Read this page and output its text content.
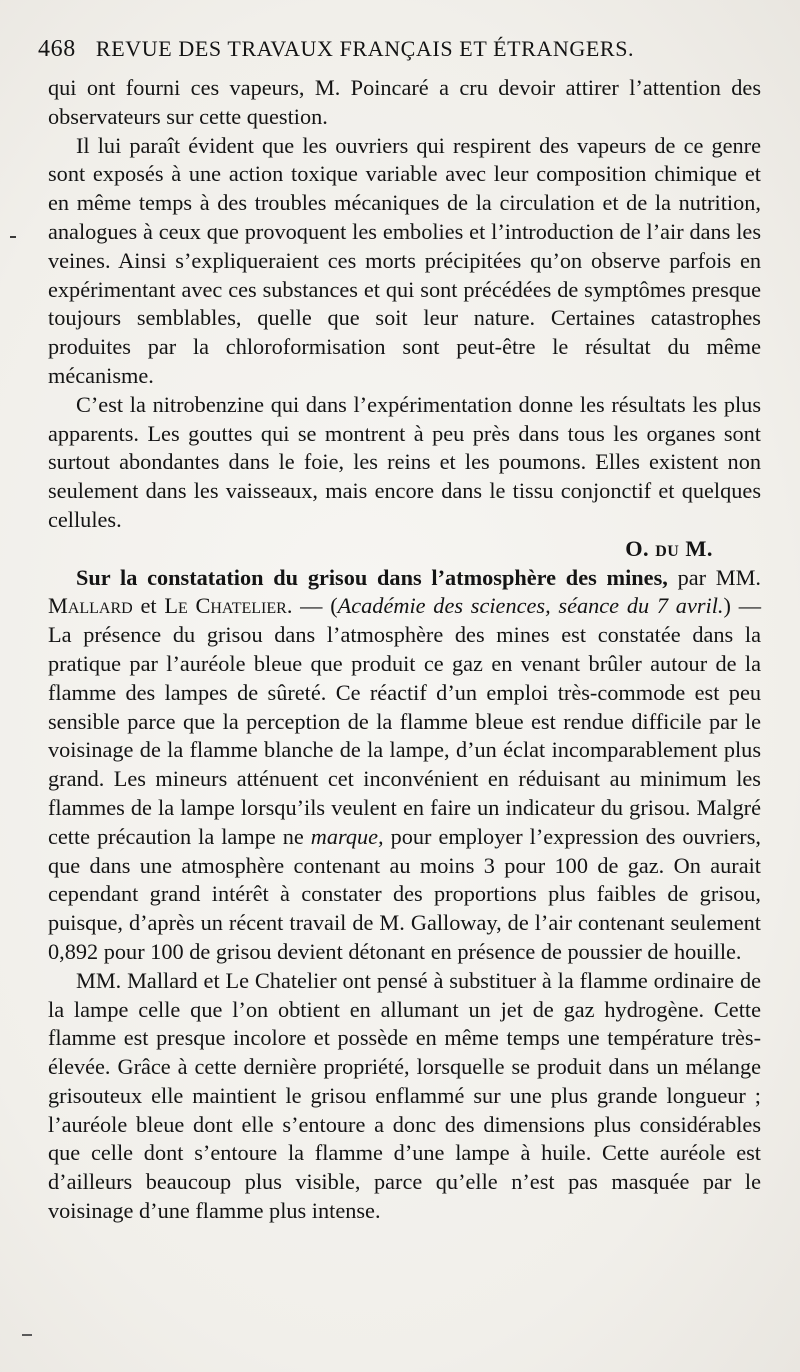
468 REVUE DES TRAVAUX FRANÇAIS ET ÉTRANGERS.

qui ont fourni ces vapeurs, M. Poincaré a cru devoir attirer l’attention des observateurs sur cette question.

Il lui paraît évident que les ouvriers qui respirent des vapeurs de ce genre sont exposés à une action toxique variable avec leur composition chimique et en même temps à des troubles mécaniques de la circulation et de la nutrition, analogues à ceux que provoquent les embolies et l’introduction de l’air dans les veines. Ainsi s’expliqueraient ces morts précipitées qu’on observe parfois en expérimentant avec ces substances et qui sont précédées de symptômes presque toujours semblables, quelle que soit leur nature. Certaines catastrophes produites par la chloroformisation sont peut-être le résultat du même mécanisme.

C’est la nitrobenzine qui dans l’expérimentation donne les résultats les plus apparents. Les gouttes qui se montrent à peu près dans tous les organes sont surtout abondantes dans le foie, les reins et les poumons. Elles existent non seulement dans les vaisseaux, mais encore dans le tissu conjonctif et quelques cellules.

O. du M.

Sur la constatation du grisou dans l’atmosphère des mines, par MM. Mallard et Le Chatelier. — (Académie des sciences, séance du 7 avril.) — La présence du grisou dans l’atmosphère des mines est constatée dans la pratique par l’auréole bleue que produit ce gaz en venant brûler autour de la flamme des lampes de sûreté. Ce réactif d’un emploi très-commode est peu sensible parce que la perception de la flamme bleue est rendue difficile par le voisinage de la flamme blanche de la lampe, d’un éclat incomparablement plus grand. Les mineurs atténuent cet inconvénient en réduisant au minimum les flammes de la lampe lorsqu’ils veulent en faire un indicateur du grisou. Malgré cette précaution la lampe ne marque, pour employer l’expression des ouvriers, que dans une atmosphère contenant au moins 3 pour 100 de gaz. On aurait cependant grand intérêt à constater des proportions plus faibles de grisou, puisque, d’après un récent travail de M. Galloway, de l’air contenant seulement 0,892 pour 100 de grisou devient détonant en présence de poussier de houille.

MM. Mallard et Le Chatelier ont pensé à substituer à la flamme ordinaire de la lampe celle que l’on obtient en allumant un jet de gaz hydrogène. Cette flamme est presque incolore et possède en même temps une température très-élevée. Grâce à cette dernière propriété, lorsquelle se produit dans un mélange grisouteux elle maintient le grisou enflammé sur une plus grande longueur ; l’auréole bleue dont elle s’entoure a donc des dimensions plus considérables que celle dont s’entoure la flamme d’une lampe à huile. Cette auréole est d’ailleurs beaucoup plus visible, parce qu’elle n’est pas masquée par le voisinage d’une flamme plus intense.
